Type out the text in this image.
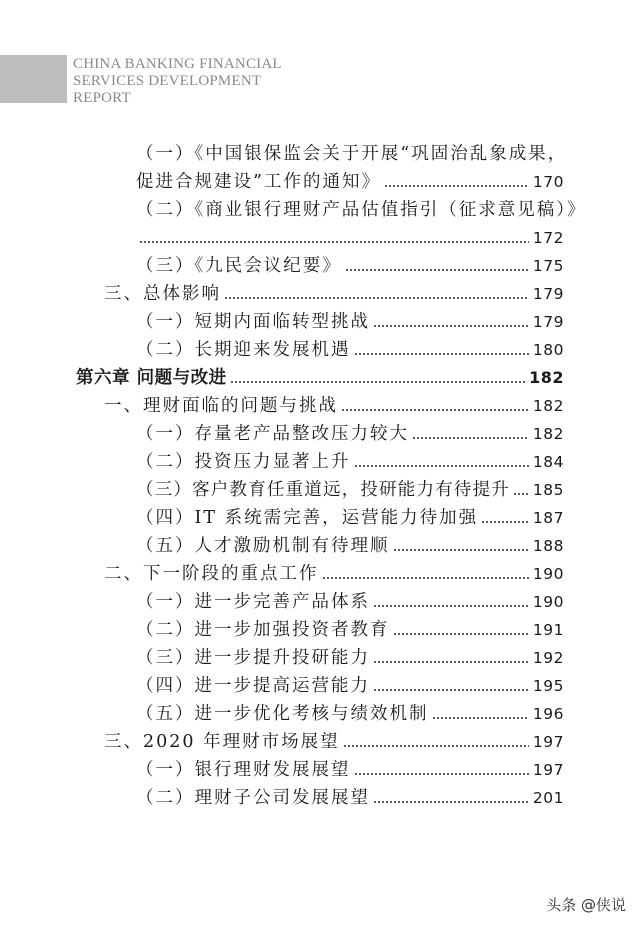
CHINA BANKING FINANCIAL
SERVICES DEVELOPMENT
REPORT
（一）《中国银保监会关于开展“巩固治乱象成果，
促进合规建设”工作的通知》	170
（二）《商业银行理财产品估值指引（征求意见稿）》
172
（三）《九民会议纪要》	175
三、总体影响	179
（一）短期内面临转型挑战	179
（二）长期迎来发展机遇	180
第六章 问题与改进	182
一、理财面临的问题与挑战	182
（一）存量老产品整改压力较大	182
（二）投资压力显著上升	184
（三）客户教育任重道远，投研能力有待提升 185
（四）IT 系统需完善，运营能力待加强	187
（五）人才激励机制有待理顺	188
二、下一阶段的重点工作	190
（一）进一步完善产品体系	190
（二）进一步加强投资者教育	191
（三）进一步提升投研能力	192
（四）进一步提高运营能力	195
（五）进一步优化考核与绩效机制	196
三、2020 年理财市场展望	197
（一）银行理财发展展望	197
（二）理财子公司发展展望	201
头条 @侠说
